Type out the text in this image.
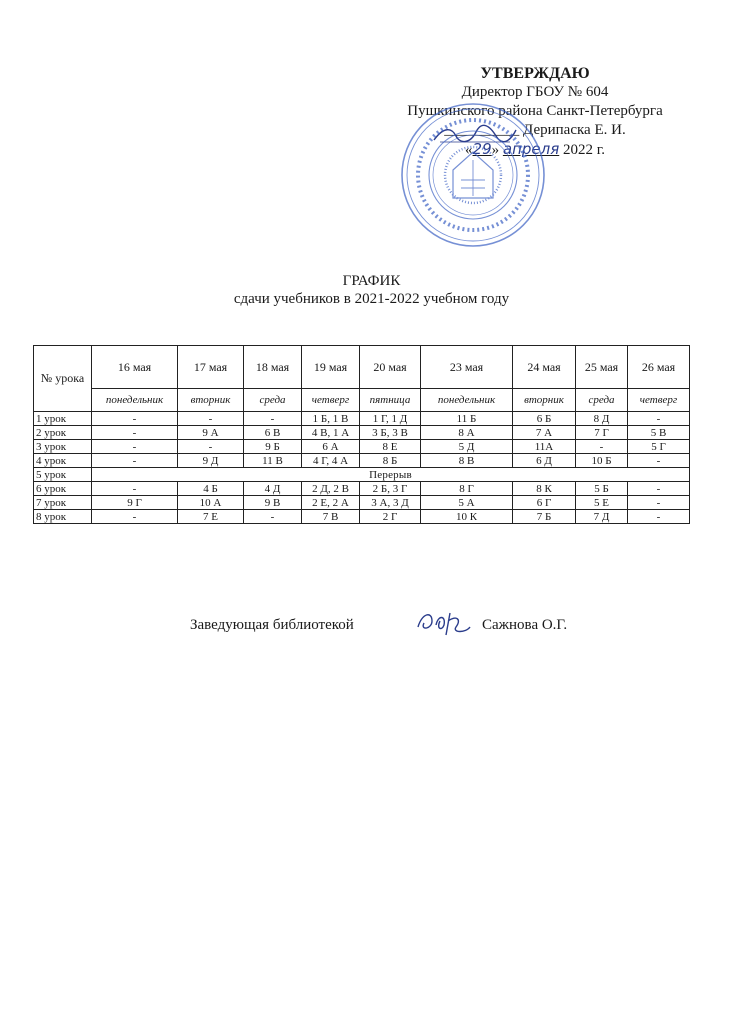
УТВЕРЖДАЮ
Директор ГБОУ № 604
Пушкинского района Санкт-Петербурга
__________ Дерипаска Е. И.
«29» апреля 2022 г.
ГРАФИК
сдачи учебников в 2021-2022 учебном году
№ урока	16 мая	17 мая	18 мая	19 мая	20 мая	23 мая	24 мая	25 мая	26 мая
	понедельник	вторник	среда	четверг	пятница	понедельник	вторник	среда	четверг
1 урок	-	-	-	1 Б, 1 В	1 Г, 1 Д	11 Б	6 Б	8 Д	-
2 урок	-	9 А	6 В	4 В, 1 А	3 Б, 3 В	8 А	7 А	7 Г	5 В
3 урок	-	-	9 Б	6 А	8 Е	5 Д	11А	-	5 Г
4 урок	-	9 Д	11 В	4 Г, 4 А	8 Б	8 В	6 Д	10 Б	-
5 урок	Перерыв								
6 урок	-	4 Б	4 Д	2 Д, 2 В	2 Б, 3 Г	8 Г	8 К	5 Б	-
7 урок	9 Г	10 А	9 В	2 Е, 2 А	3 А, 3 Д	5 А	6 Г	5 Е	-
8 урок	-	7 Е	-	7 В	2 Г	10 К	7 Б	7 Д	-
Заведующая библиотекой	Сажнова О.Г.
